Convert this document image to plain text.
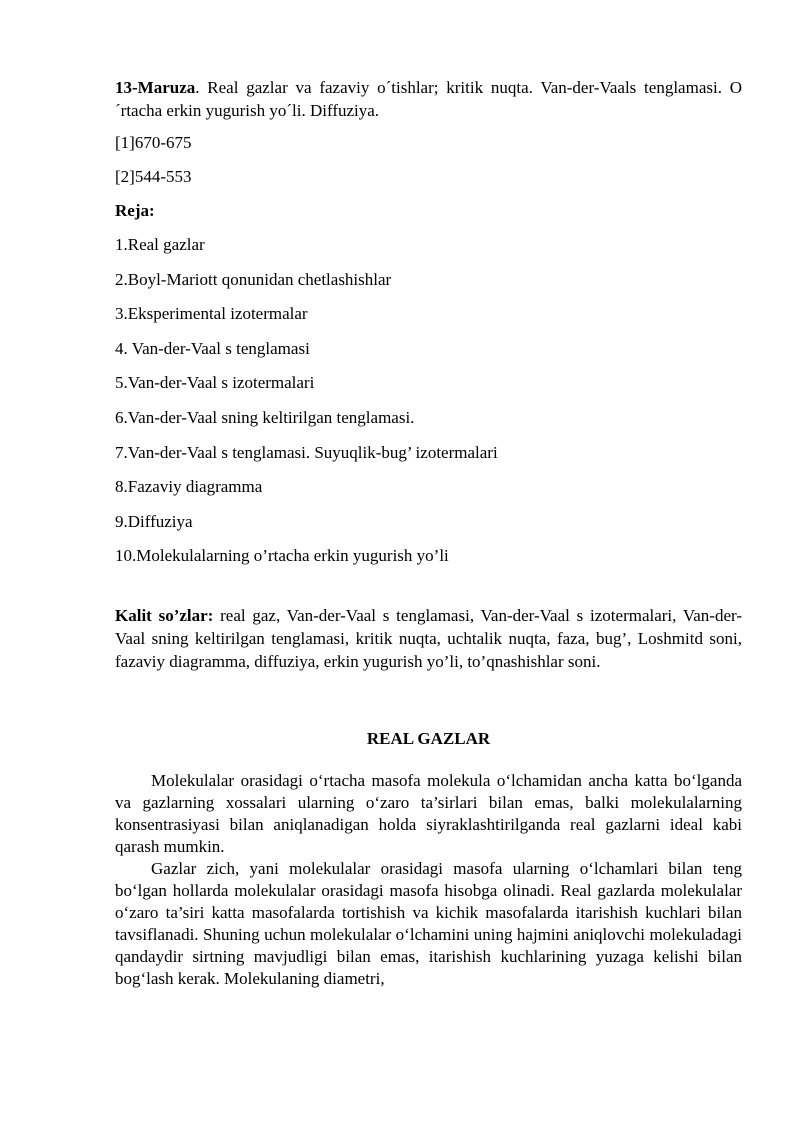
13-Maruza. Real gazlar va fazaviy o´tishlar; kritik nuqta. Van-der-Vaals tenglamasi. O´rtacha erkin yugurish yo´li. Diffuziya.

[1]670-675

[2]544-553

Reja:

1.Real gazlar
2.Boyl-Mariott qonunidan chetlashishlar
3.Eksperimental izotermalar
4. Van-der-Vaal s tenglamasi
5.Van-der-Vaal s izotermalari
6.Van-der-Vaal sning keltirilgan tenglamasi.
7.Van-der-Vaal s tenglamasi. Suyuqlik-bug’ izotermalari
8.Fazaviy diagramma
9.Diffuziya
10.Molekulalarning o’rtacha erkin yugurish yo’li

Kalit so’zlar: real gaz, Van-der-Vaal s tenglamasi, Van-der-Vaal s izotermalari, Van-der-Vaal sning keltirilgan tenglamasi, kritik nuqta, uchtalik nuqta, faza, bug’, Loshmitd soni, fazaviy diagramma, diffuziya, erkin yugurish yo’li, to’qnashishlar soni.

REAL GAZLAR

Molekulalar orasidagi o‘rtacha masofa molekula o‘lchamidan ancha katta bo‘lganda va gazlarning xossalari ularning o‘zaro ta’sirlari bilan emas, balki molekulalarning konsentrasiyasi bilan aniqlanadigan holda siyraklashtirilganda real gazlarni ideal kabi qarash mumkin.

Gazlar zich, yani molekulalar orasidagi masofa ularning o‘lchamlari bilan teng bo‘lgan hollarda molekulalar orasidagi masofa hisobga olinadi. Real gazlarda molekulalar o‘zaro ta’siri katta masofalarda tortishish va kichik masofalarda itarishish kuchlari bilan tavsiflanadi. Shuning uchun molekulalar o‘lchamini uning hajmini aniqlovchi molekuladagi qandaydir sirtning mavjudligi bilan emas, itarishish kuchlarining yuzaga kelishi bilan bog‘lash kerak. Molekulaning diametri,
